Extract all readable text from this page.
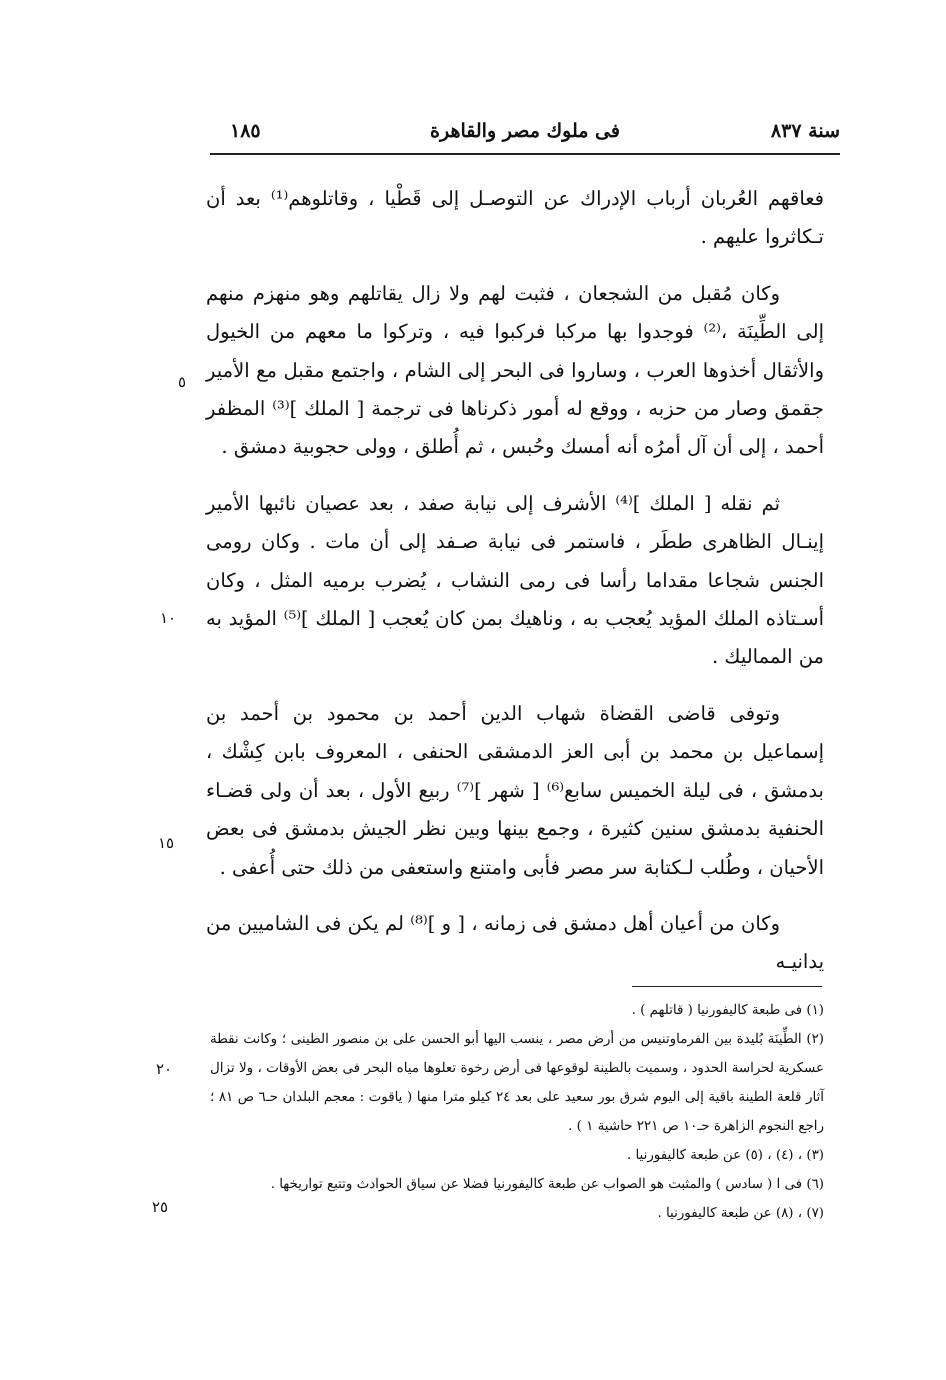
سنة ٨٣٧
فى ملوك مصر والقاهرة
١٨٥

فعاقهم العُربان أرباب الإدراك عن التوصـل إلى قَطْيا ، وقاتلوهم⁽¹⁾ بعد أن تـكاثروا عليهم .

وكان مُقبل من الشجعان ، فثبت لهم ولا زال يقاتلهم وهو منهزم منهم إلى الطِّينَة ،⁽²⁾ فوجدوا بها مركبا فركبوا فيه ، وتركوا ما معهم من الخيول والأثقال أخذوها العرب ، وساروا فى البحر إلى الشام ، واجتمع مقبل مع الأمير جقمق وصار من حزبه ، ووقع له أمور ذكرناها فى ترجمة [ الملك ]⁽³⁾ المظفر أحمد ، إلى أن آل أمرُه أنه أمسك وحُبس ، ثم أُطلق ، وولى حجوبية دمشق .

ثم نقله [ الملك ]⁽⁴⁾ الأشرف إلى نيابة صفد ، بعد عصيان نائبها الأمير إينـال الظاهرى ططَر ، فاستمر فى نيابة صـفد إلى أن مات . وكان رومى الجنس شجاعا مقداما رأسا فى رمى النشاب ، يُضرب برميه المثل ، وكان أسـتاذه الملك المؤيد يُعجب به ، وناهيك بمن كان يُعجب [ الملك ]⁽⁵⁾ المؤيد به من المماليك .

وتوفى قاضى القضاة شهاب الدين أحمد بن محمود بن أحمد بن إسماعيل بن محمد بن أبى العز الدمشقى الحنفى ، المعروف بابن كِشْك ، بدمشق ، فى ليلة الخميس سابع⁽⁶⁾ [ شهر ]⁽⁷⁾ ربيع الأول ، بعد أن ولى قضـاء الحنفية بدمشق سنين كثيرة ، وجمع بينها وبين نظر الجيش بدمشق فى بعض الأحيان ، وطُلب لـكتابة سر مصر فأبى وامتنع واستعفى من ذلك حتى أُعفى .

وكان من أعيان أهل دمشق فى زمانه ، [ و ]⁽⁸⁾ لم يكن فى الشاميين من يدانيـه

(١) فى طبعة كاليفورنيا ( قاتلهم ) .
(٢) الطِّينَة بُليدة بين الفرماوتنيس من أرض مصر ، ينسب اليها أبو الحسن على بن منصور الطينى ؛ وكانت نقطة عسكرية لحراسة الحدود ، وسميت بالطينة لوقوعها فى أرض رخوة تعلوها مياه البحر فى بعض الأوقات ، ولا تزال آثار قلعة الطينة باقية إلى اليوم شرق بور سعيد على بعد ٢٤ كيلو مترا منها ( ياقوت : معجم البلدان حـ٦ ص ٨١ ؛ راجع النجوم الزاهرة حـ١٠ ص ٢٢١ حاشية ١ ) .
(٣) ، (٤) ، (٥) عن طبعة كاليفورنيا .
(٦) فى ا ( سادس ) والمثبت هو الصواب عن طبعة كاليفورنيا فضلا عن سياق الحوادث وتتبع تواريخها .
(٧) ، (٨) عن طبعة كاليفورنيا .
٥
١٠
١٥
٢٠
٢٥
